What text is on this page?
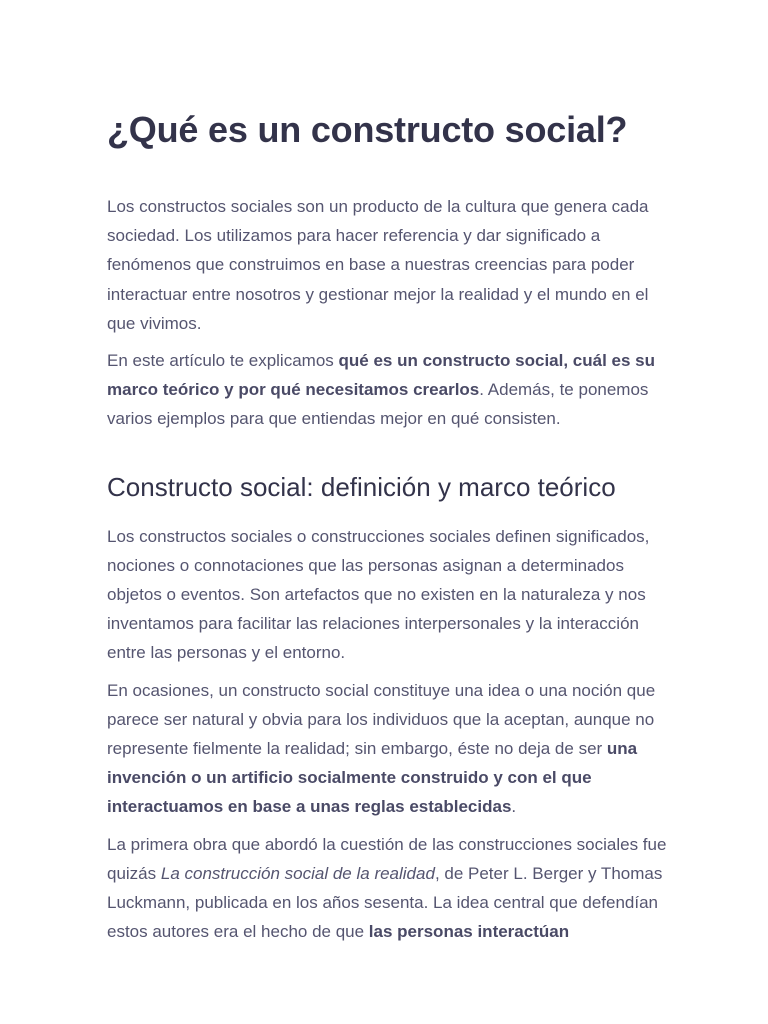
¿Qué es un constructo social?

Los constructos sociales son un producto de la cultura que genera cada sociedad. Los utilizamos para hacer referencia y dar significado a fenómenos que construimos en base a nuestras creencias para poder interactuar entre nosotros y gestionar mejor la realidad y el mundo en el que vivimos.

En este artículo te explicamos qué es un constructo social, cuál es su marco teórico y por qué necesitamos crearlos. Además, te ponemos varios ejemplos para que entiendas mejor en qué consisten.

Constructo social: definición y marco teórico

Los constructos sociales o construcciones sociales definen significados, nociones o connotaciones que las personas asignan a determinados objetos o eventos. Son artefactos que no existen en la naturaleza y nos inventamos para facilitar las relaciones interpersonales y la interacción entre las personas y el entorno.

En ocasiones, un constructo social constituye una idea o una noción que parece ser natural y obvia para los individuos que la aceptan, aunque no represente fielmente la realidad; sin embargo, éste no deja de ser una invención o un artificio socialmente construido y con el que interactuamos en base a unas reglas establecidas.

La primera obra que abordó la cuestión de las construcciones sociales fue quizás La construcción social de la realidad, de Peter L. Berger y Thomas Luckmann, publicada en los años sesenta. La idea central que defendían estos autores era el hecho de que las personas interactúan
